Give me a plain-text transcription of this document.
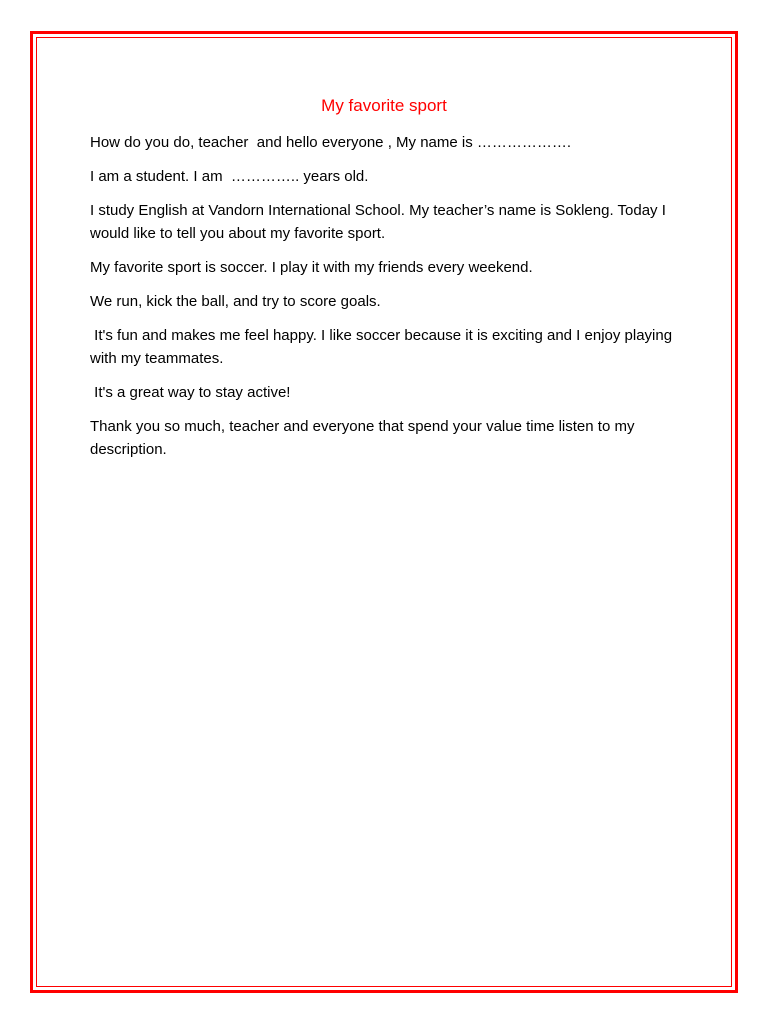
My favorite sport

How do you do, teacher  and hello everyone , My name is ……………….

I am a student. I am  ………….. years old.

I study English at Vandorn International School. My teacher’s name is Sokleng. Today I would like to tell you about my favorite sport.

My favorite sport is soccer. I play it with my friends every weekend.

We run, kick the ball, and try to score goals.

It's fun and makes me feel happy. I like soccer because it is exciting and I enjoy playing with my teammates.

It's a great way to stay active!

Thank you so much, teacher and everyone that spend your value time listen to my description.
